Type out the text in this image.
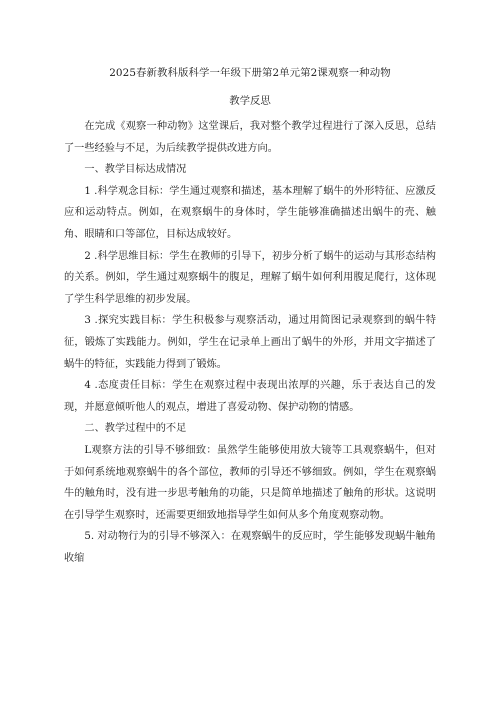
2025春新教科版科学一年级下册第2单元第2课观察一种动物
教学反思

在完成《观察一种动物》这堂课后，我对整个教学过程进行了深入反思，总结了一些经验与不足，为后续教学提供改进方向。

一、教学目标达成情况

1 .科学观念目标：学生通过观察和描述，基本理解了蜗牛的外形特征、应激反应和运动特点。例如，在观察蜗牛的身体时，学生能够准确描述出蜗牛的壳、触角、眼睛和口等部位，目标达成较好。

2 .科学思维目标：学生在教师的引导下，初步分析了蜗牛的运动与其形态结构的关系。例如，学生通过观察蜗牛的腹足，理解了蜗牛如何利用腹足爬行，这体现了学生科学思维的初步发展。

3 .探究实践目标：学生积极参与观察活动，通过用简图记录观察到的蜗牛特征，锻炼了实践能力。例如，学生在记录单上画出了蜗牛的外形，并用文字描述了蜗牛的特征，实践能力得到了锻炼。

4 .态度责任目标：学生在观察过程中表现出浓厚的兴趣，乐于表达自己的发现，并愿意倾听他人的观点，增进了喜爱动物、保护动物的情感。

二、教学过程中的不足

L观察方法的引导不够细致：虽然学生能够使用放大镜等工具观察蜗牛，但对于如何系统地观察蜗牛的各个部位，教师的引导还不够细致。例如，学生在观察蜗牛的触角时，没有进一步思考触角的功能，只是简单地描述了触角的形状。这说明在引导学生观察时，还需要更细致地指导学生如何从多个角度观察动物。

5. 对动物行为的引导不够深入：在观察蜗牛的反应时，学生能够发现蜗牛触角收缩
